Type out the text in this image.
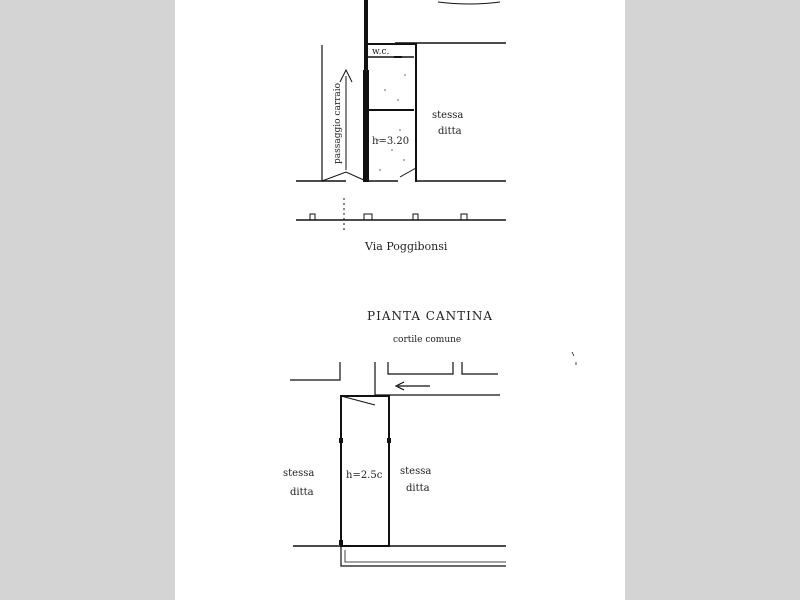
w.c.
h=3.20
stessa
ditta
passaggio carraio
Via Poggibonsi
PIANTA CANTINA
cortile comune
h=2.5c
stessa
ditta
stessa
ditta
